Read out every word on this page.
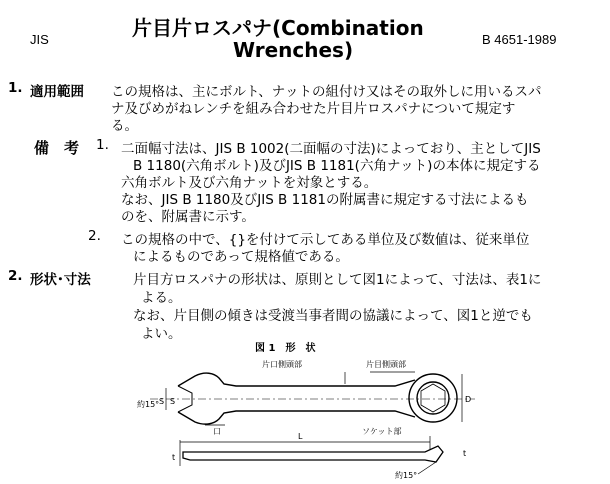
JIS	片目片ロスパナ(Combination
Wrenches)	B 4651-1989
1. 適用範囲 この規格は、主にボルト、ナットの組付け又はその取外しに用いるスパ
ナ及びめがねレンチを組み合わせた片目片ロスパナについて規定す
る。
備　考 1. 二面幅寸法は、JIS B 1002(二面幅の寸法)によっており、主としてJIS
B 1180(六角ボルト)及びJIS B 1181(六角ナット)の本体に規定する
六角ボルト及び六角ナットを対象とする。
なお、JIS B 1180及びJIS B 1181の附属書に規定する寸法によるも
のを、附属書に示す。
2. この規格の中で、{}を付けて示してある単位及び数値は、従来単位
によるものであって規格値である。
2. 形状･寸法	片目方ロスパナの形状は、原則として図1によって、寸法は、表1に
よる。
なお、片目側の傾きは受渡当事者間の協議によって、図1と逆でも
よい。
図 1　形　状
約15° S S
片口側頭部	片目側頭部
D
口	ソケット部
L
t	t
約15°
